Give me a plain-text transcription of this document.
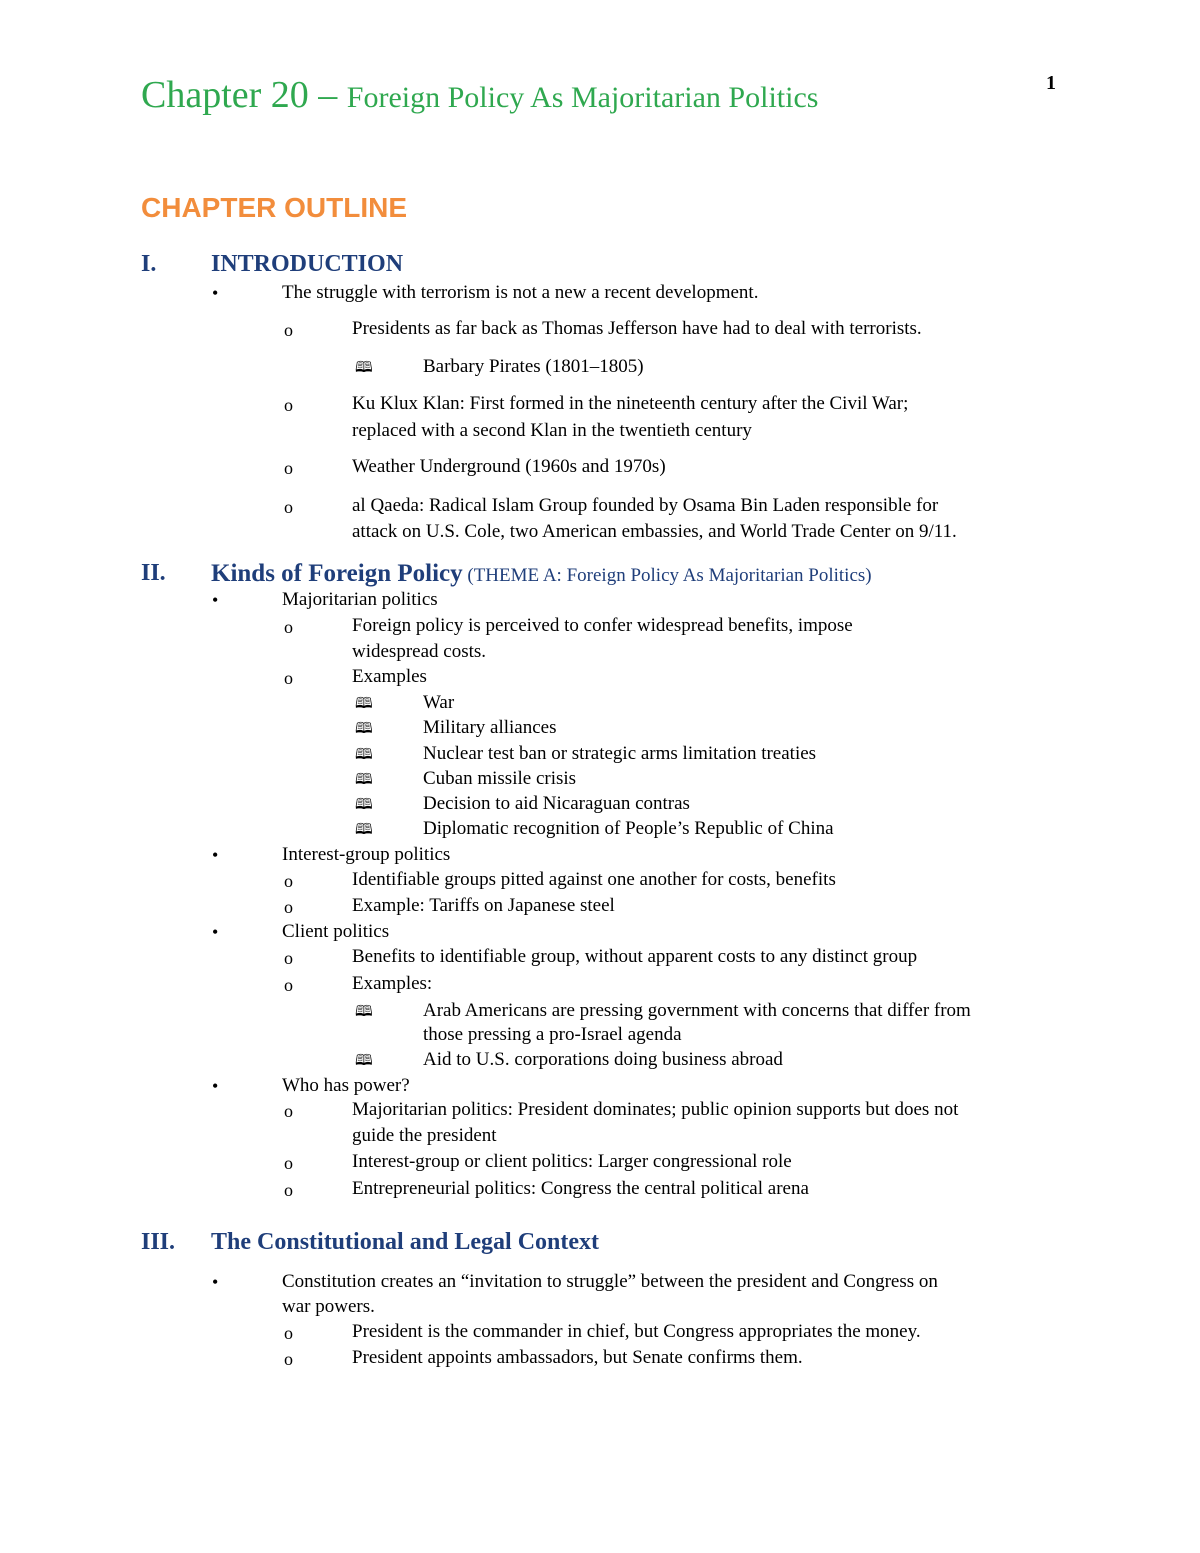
1
Chapter 20 – Foreign Policy As Majoritarian Politics
CHAPTER OUTLINE
I. INTRODUCTION
•	The struggle with terrorism is not a new a recent development.
o	Presidents as far back as Thomas Jefferson have had to deal with terrorists.
🕮	Barbary Pirates (1801–1805)
o	Ku Klux Klan: First formed in the nineteenth century after the Civil War;
replaced with a second Klan in the twentieth century
o	Weather Underground (1960s and 1970s)
o	al Qaeda: Radical Islam Group founded by Osama Bin Laden responsible for
attack on U.S. Cole, two American embassies, and World Trade Center on 9/11.
II. Kinds of Foreign Policy (THEME A: Foreign Policy As Majoritarian Politics)
•	Majoritarian politics
o	Foreign policy is perceived to confer widespread benefits, impose
widespread costs.
o	Examples
🕮	War
🕮	Military alliances
🕮	Nuclear test ban or strategic arms limitation treaties
🕮	Cuban missile crisis
🕮	Decision to aid Nicaraguan contras
🕮	Diplomatic recognition of People’s Republic of China
•	Interest-group politics
o	Identifiable groups pitted against one another for costs, benefits
o	Example: Tariffs on Japanese steel
•	Client politics
o	Benefits to identifiable group, without apparent costs to any distinct group
o	Examples:
🕮	Arab Americans are pressing government with concerns that differ from
those pressing a pro-Israel agenda
🕮	Aid to U.S. corporations doing business abroad
•	Who has power?
o	Majoritarian politics: President dominates; public opinion supports but does not
guide the president
o	Interest-group or client politics: Larger congressional role
o	Entrepreneurial politics: Congress the central political arena
III. The Constitutional and Legal Context
•	Constitution creates an “invitation to struggle” between the president and Congress on
war powers.
o	President is the commander in chief, but Congress appropriates the money.
o	President appoints ambassadors, but Senate confirms them.
